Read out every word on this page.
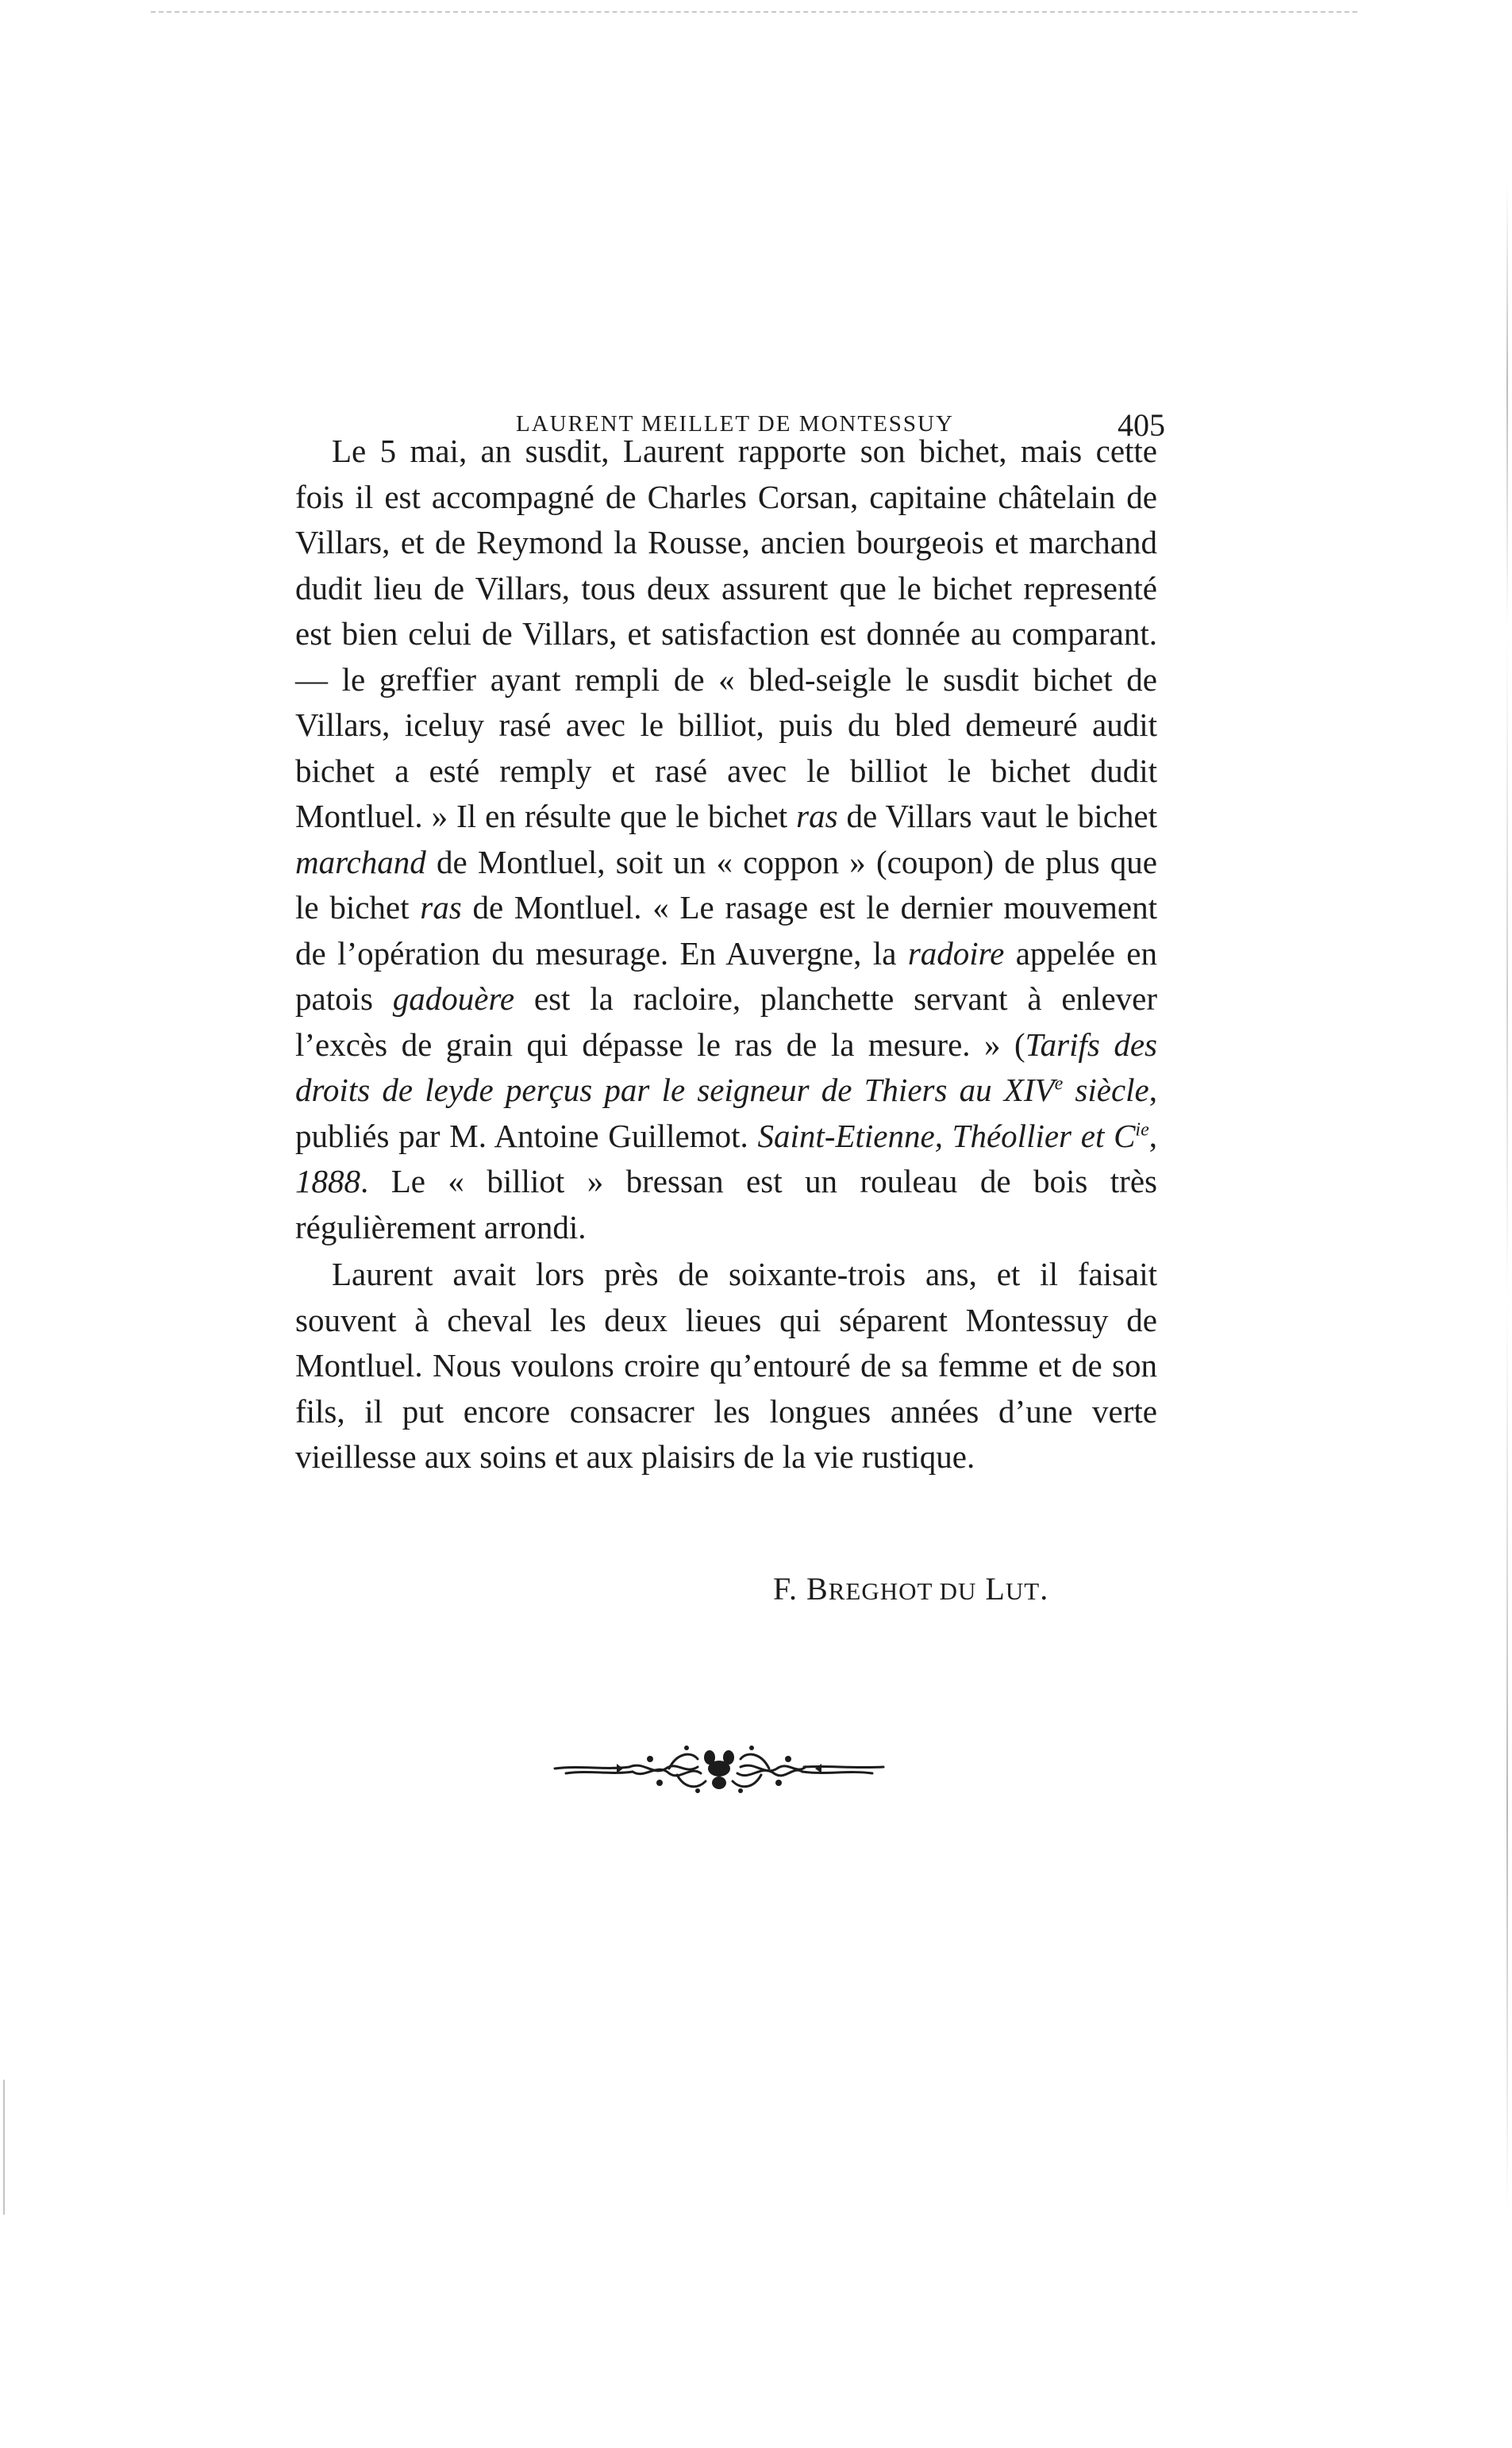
LAURENT MEILLET DE MONTESSUY	405

Le 5 mai, an susdit, Laurent rapporte son bichet, mais cette fois il est accompagné de Charles Corsan, capitaine châtelain de Villars, et de Reymond la Rousse, ancien bourgeois et marchand dudit lieu de Villars, tous deux assurent que le bichet representé est bien celui de Villars, et satisfaction est donnée au comparant.— le greffier ayant rempli de « bled-seigle le susdit bichet de Villars, iceluy rasé avec le billiot, puis du bled demeuré audit bichet a esté remply et rasé avec le billiot le bichet dudit Montluel. » Il en résulte que le bichet ras de Villars vaut le bichet marchand de Montluel, soit un « coppon » (coupon) de plus que le bichet ras de Montluel. « Le rasage est le dernier mouvement de l’opération du mesurage. En Auvergne, la radoire appelée en patois gadouère est la racloire, planchette servant à enlever l’excès de grain qui dépasse le ras de la mesure. » (Tarifs des droits de leyde perçus par le seigneur de Thiers au XIVe siècle, publiés par M. Antoine Guillemot. Saint-Etienne, Théollier et $C^{ie}$, 1888. Le « billiot » bressan est un rouleau de bois très régulièrement arrondi.

Laurent avait lors près de soixante-trois ans, et il faisait souvent à cheval les deux lieues qui séparent Montessuy de Montluel. Nous voulons croire qu’entouré de sa femme et de son fils, il put encore consacrer les longues années d’une verte vieillesse aux soins et aux plaisirs de la vie rustique.

F. BREGHOT DU LUT.
